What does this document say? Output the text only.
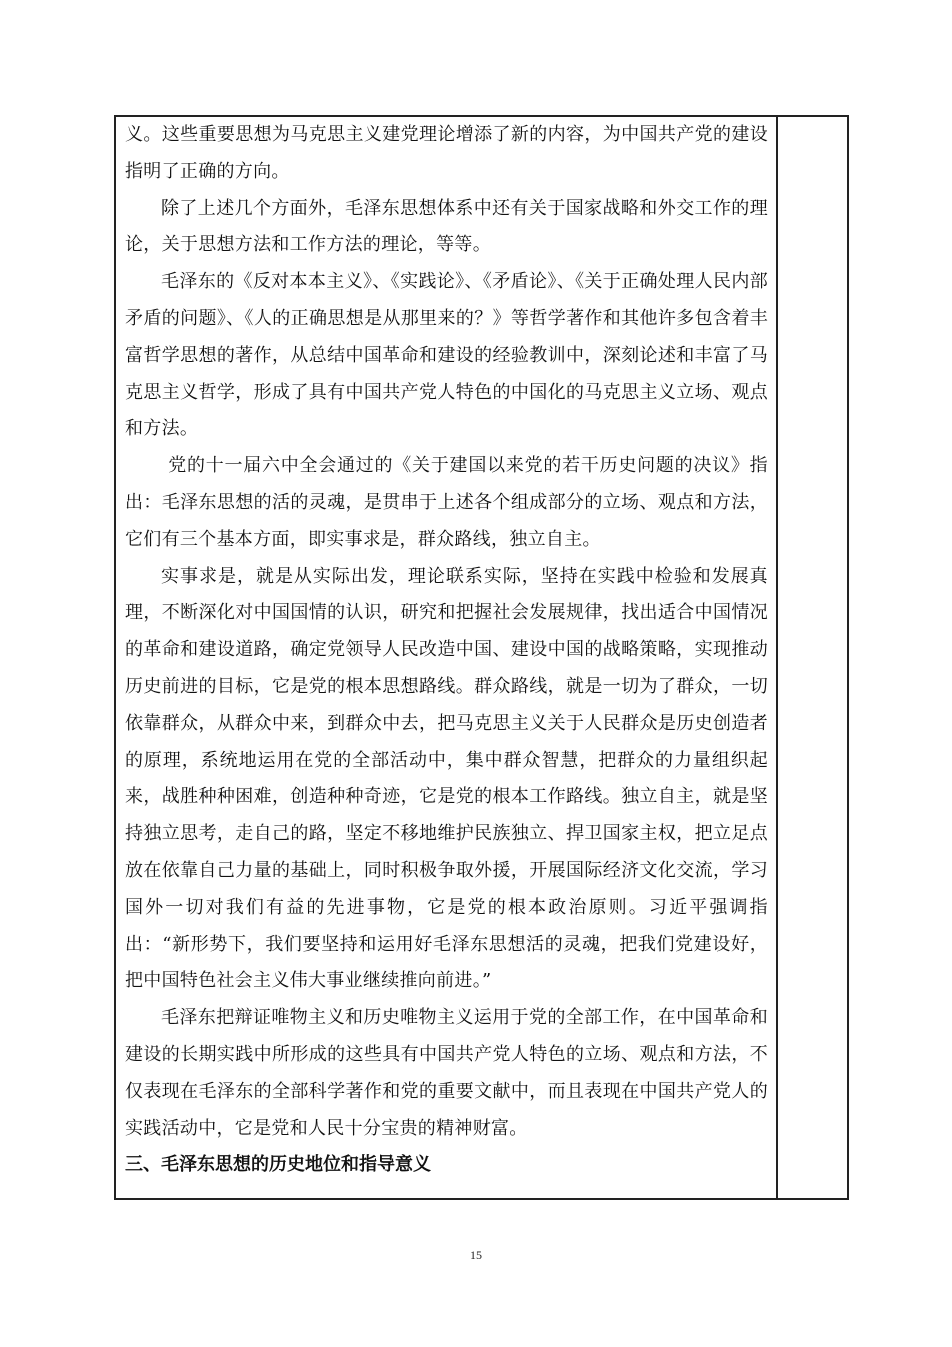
义。这些重要思想为马克思主义建党理论增添了新的内容，为中国共产党的建设指明了正确的方向。

除了上述几个方面外，毛泽东思想体系中还有关于国家战略和外交工作的理论，关于思想方法和工作方法的理论，等等。

毛泽东的《反对本本主义》、《实践论》、《矛盾论》、《关于正确处理人民内部矛盾的问题》、《人的正确思想是从那里来的？》等哲学著作和其他许多包含着丰富哲学思想的著作，从总结中国革命和建设的经验教训中，深刻论述和丰富了马克思主义哲学，形成了具有中国共产党人特色的中国化的马克思主义立场、观点和方法。

党的十一届六中全会通过的《关于建国以来党的若干历史问题的决议》指出：毛泽东思想的活的灵魂，是贯串于上述各个组成部分的立场、观点和方法，它们有三个基本方面，即实事求是，群众路线，独立自主。

实事求是，就是从实际出发，理论联系实际，坚持在实践中检验和发展真理，不断深化对中国国情的认识，研究和把握社会发展规律，找出适合中国情况的革命和建设道路，确定党领导人民改造中国、建设中国的战略策略，实现推动历史前进的目标，它是党的根本思想路线。群众路线，就是一切为了群众，一切依靠群众，从群众中来，到群众中去，把马克思主义关于人民群众是历史创造者的原理，系统地运用在党的全部活动中，集中群众智慧，把群众的力量组织起来，战胜种种困难，创造种种奇迹，它是党的根本工作路线。独立自主，就是坚持独立思考，走自己的路，坚定不移地维护民族独立、捍卫国家主权，把立足点放在依靠自己力量的基础上，同时积极争取外援，开展国际经济文化交流，学习国外一切对我们有益的先进事物，它是党的根本政治原则。习近平强调指出：“新形势下，我们要坚持和运用好毛泽东思想活的灵魂，把我们党建设好，把中国特色社会主义伟大事业继续推向前进。”

毛泽东把辩证唯物主义和历史唯物主义运用于党的全部工作，在中国革命和建设的长期实践中所形成的这些具有中国共产党人特色的立场、观点和方法，不仅表现在毛泽东的全部科学著作和党的重要文献中，而且表现在中国共产党人的实践活动中，它是党和人民十分宝贵的精神财富。

三、毛泽东思想的历史地位和指导意义

15
